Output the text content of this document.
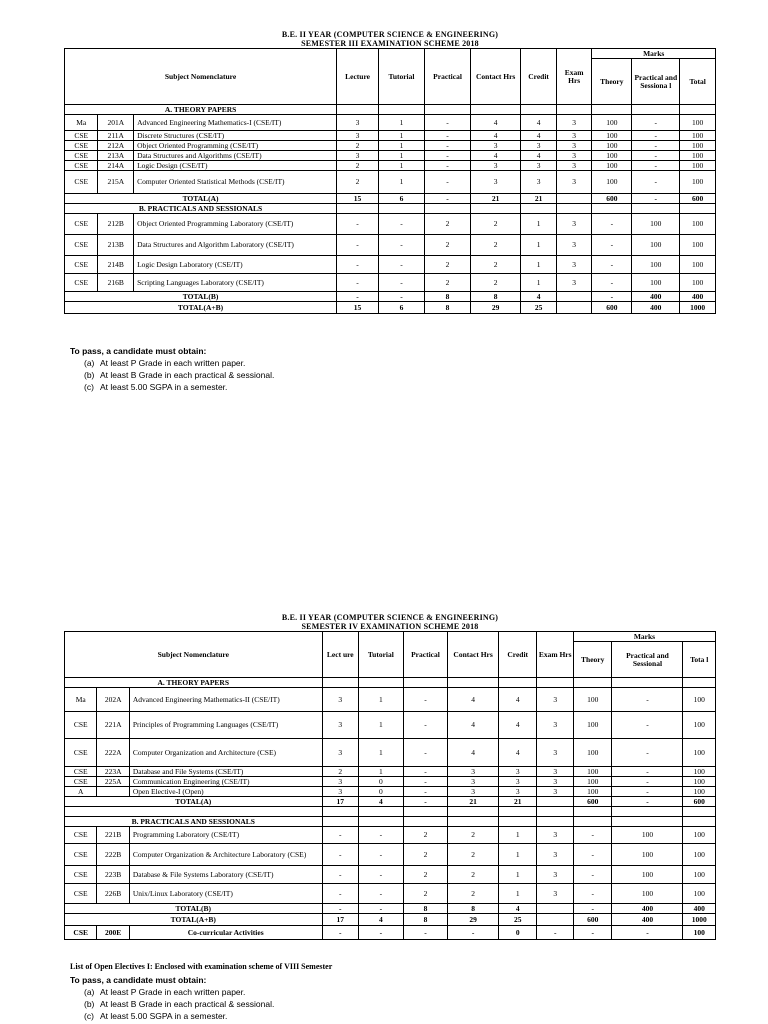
B.E. II YEAR (COMPUTER SCIENCE & ENGINEERING)
SEMESTER III EXAMINATION SCHEME 2018
Subject Nomenclature			Lecture	Tutorial	Practical	Contact Hrs	Credit	Exam Hrs	Marks		
									Theory	Practical and Sessiona l	Total
A. THEORY PAPERS											
Ma	201A	Advanced Engineering Mathematics-I (CSE/IT)	3	1	-	4	4	3	100	-	100
CSE	211A	Discrete Structures (CSE/IT)	3	1	-	4	4	3	100	-	100
CSE	212A	Object Oriented Programming (CSE/IT)	2	1	-	3	3	3	100	-	100
CSE	213A	Data Structures and Algorithms (CSE/IT)	3	1	-	4	4	3	100	-	100
CSE	214A	Logic Design (CSE/IT)	2	1	-	3	3	3	100	-	100
CSE	215A	Computer Oriented Statistical Methods (CSE/IT)	2	1	-	3	3	3	100	-	100
TOTAL(A)			15	6	-	21	21		600	-	600
B. PRACTICALS AND SESSIONALS											
CSE	212B	Object Oriented Programming Laboratory (CSE/IT)	-	-	2	2	1	3	-	100	100
CSE	213B	Data Structures and Algorithm Laboratory (CSE/IT)	-	-	2	2	1	3	-	100	100
CSE	214B	Logic Design Laboratory (CSE/IT)	-	-	2	2	1	3	-	100	100
CSE	216B	Scripting Languages Laboratory (CSE/IT)	-	-	2	2	1	3	-	100	100
TOTAL(B)			-	-	8	8	4		-	400	400
TOTAL(A+B)			15	6	8	29	25		600	400	1000
To pass, a candidate must obtain:
(a) At least P Grade in each written paper.
(b) At least B Grade in each practical & sessional.
(c) At least 5.00 SGPA in a semester.
B.E. II YEAR (COMPUTER SCIENCE & ENGINEERING)
SEMESTER IV EXAMINATION SCHEME 2018
Subject Nomenclature			Lect ure	Tutorial	Practical	Contact Hrs	Credit	Exam Hrs	Marks		
									Theory	Practical and Sessional	Tota l
A. THEORY PAPERS											
Ma	202A	Advanced Engineering Mathematics-II (CSE/IT)	3	1	-	4	4	3	100	-	100
CSE	221A	Principles of Programming Languages (CSE/IT)	3	1	-	4	4	3	100	-	100
CSE	222A	Computer Organization and Architecture (CSE)	3	1	-	4	4	3	100	-	100
CSE	223A	Database and File Systems (CSE/IT)	2	1	-	3	3	3	100	-	100
CSE	225A	Communication Engineering (CSE/IT)	3	0	-	3	3	3	100	-	100
A		Open Elective-I (Open)	3	0	-	3	3	3	100	-	100
TOTAL(A)			17	4	-	21	21		600	-	600

B. PRACTICALS AND SESSIONALS											
CSE	221B	Programming Laboratory (CSE/IT)	-	-	2	2	1	3	-	100	100
CSE	222B	Computer Organization & Architecture Laboratory (CSE)	-	-	2	2	1	3	-	100	100
CSE	223B	Database & File Systems Laboratory (CSE/IT)	-	-	2	2	1	3	-	100	100
CSE	226B	Unix/Linux Laboratory (CSE/IT)	-	-	2	2	1	3	-	100	100
TOTAL(B)			-	-	8	8	4		-	400	400
TOTAL(A+B)			17	4	8	29	25		600	400	1000
CSE	200E	Co-curricular Activities	-	-	-	-	0	-	-	-	100
List of Open Electives I: Enclosed with examination scheme of VIII Semester
To pass, a candidate must obtain:
(a) At least P Grade in each written paper.
(b) At least B Grade in each practical & sessional.
(c) At least 5.00 SGPA in a semester.
